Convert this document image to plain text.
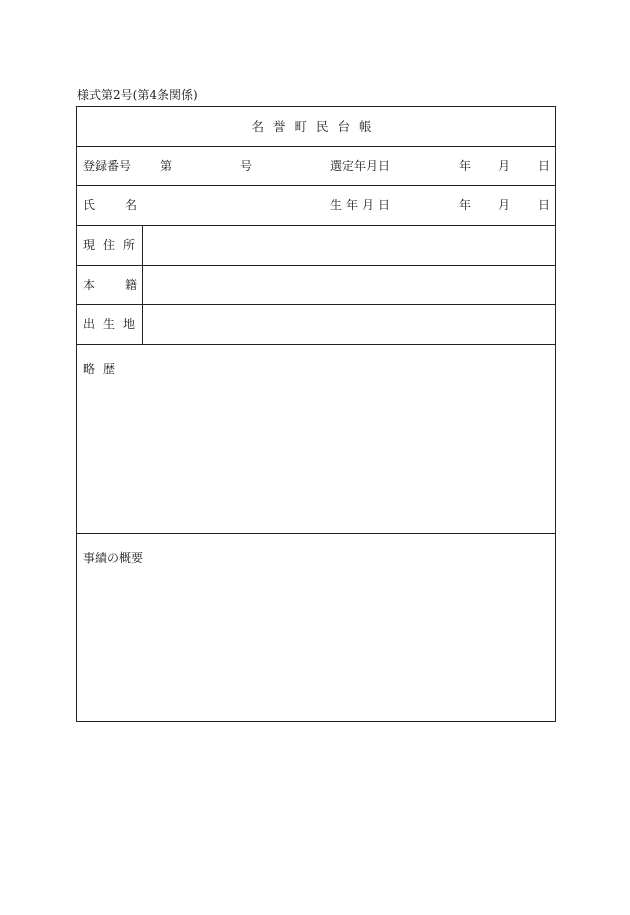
様式第2号(第4条関係)
名誉町民台帳
登録番号 第	号	選定年月日	年 月 日
氏名	生年月日	年 月 日
現住所
本籍
出生地
略歴
事績の概要
